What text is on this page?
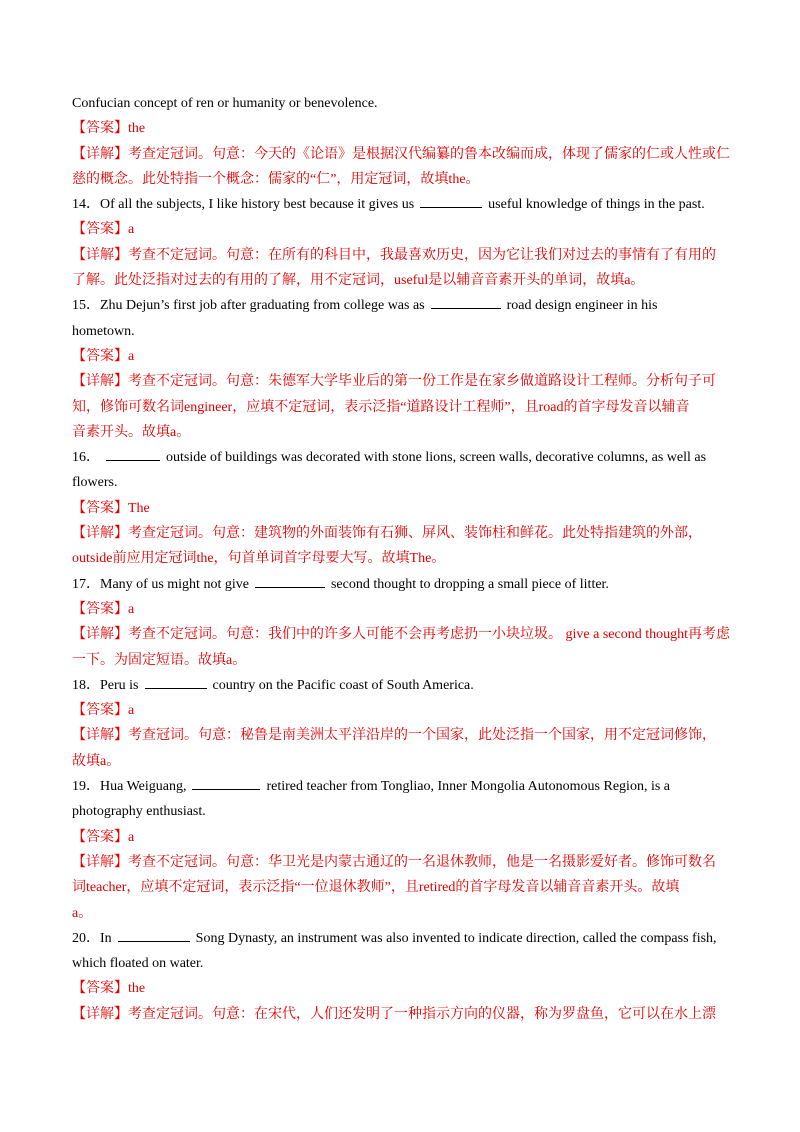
Confucian concept of ren or humanity or benevolence.
【答案】the
【详解】考查定冠词。句意：今天的《论语》是根据汉代编纂的鲁本改编而成，体现了儒家的仁或人性或仁
慈的概念。此处特指一个概念：儒家的“仁”，用定冠词，故填the。
14．Of all the subjects, I like history best because it gives us	useful knowledge of things in the past.
【答案】a
【详解】考查不定冠词。句意：在所有的科目中，我最喜欢历史，因为它让我们对过去的事情有了有用的
了解。此处泛指对过去的有用的了解，用不定冠词，useful是以辅音音素开头的单词，故填a。
15．Zhu Dejun’s first job after graduating from college was as	road design engineer in his
hometown.
【答案】a
【详解】考查不定冠词。句意：朱德军大学毕业后的第一份工作是在家乡做道路设计工程师。分析句子可
知，修饰可数名词engineer，应填不定冠词，表示泛指“道路设计工程师”，且road的首字母发音以辅音
音素开头。故填a。
16．	outside of buildings was decorated with stone lions, screen walls, decorative columns, as well as
flowers.
【答案】The
【详解】考查定冠词。句意：建筑物的外面装饰有石狮、屏风、装饰柱和鲜花。此处特指建筑的外部，
outside前应用定冠词the，句首单词首字母要大写。故填The。
17．Many of us might not give	second thought to dropping a small piece of litter.
【答案】a
【详解】考查不定冠词。句意：我们中的许多人可能不会再考虑扔一小块垃圾。 give a second thought再考虑
一下。为固定短语。故填a。
18．Peru is	country on the Pacific coast of South America.
【答案】a
【详解】考查冠词。句意：秘鲁是南美洲太平洋沿岸的一个国家，此处泛指一个国家，用不定冠词修饰，
故填a。
19．Hua Weiguang,	retired teacher from Tongliao, Inner Mongolia Autonomous Region, is a
photography enthusiast.
【答案】a
【详解】考查不定冠词。句意：华卫光是内蒙古通辽的一名退休教师，他是一名摄影爱好者。修饰可数名
词teacher，应填不定冠词，表示泛指“一位退休教师”，且retired的首字母发音以辅音音素开头。故填
a。
20．In	Song Dynasty, an instrument was also invented to indicate direction, called the compass fish,
which floated on water.
【答案】the
【详解】考查定冠词。句意：在宋代，人们还发明了一种指示方向的仪器，称为罗盘鱼，它可以在水上漂
